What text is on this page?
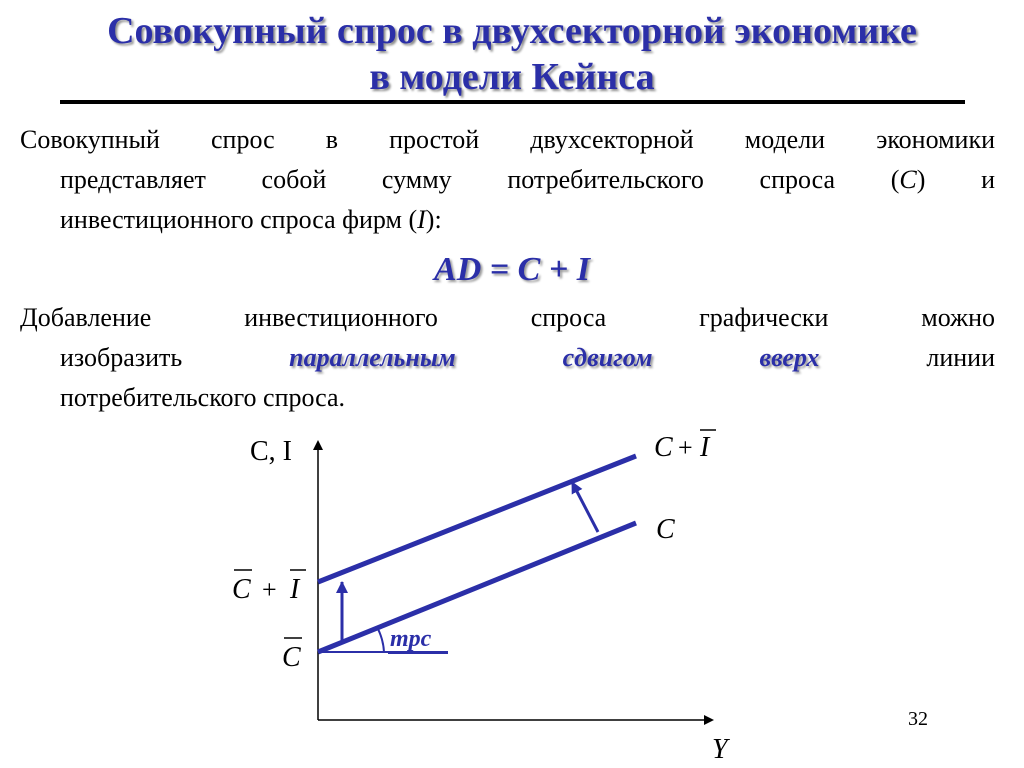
Совокупный спрос в двухсекторной экономике
в модели Кейнса
Совокупный спрос в простой двухсекторной модели экономики
представляет собой сумму потребительского спроса (C) и
инвестиционного спроса фирм (I):
AD = C + I
Добавление инвестиционного спроса графически можно
изобразить	параллельным сдвигом вверх	линии
потребительского спроса.
C, I
Y
mpc
C + I
C
C + I
C
32
